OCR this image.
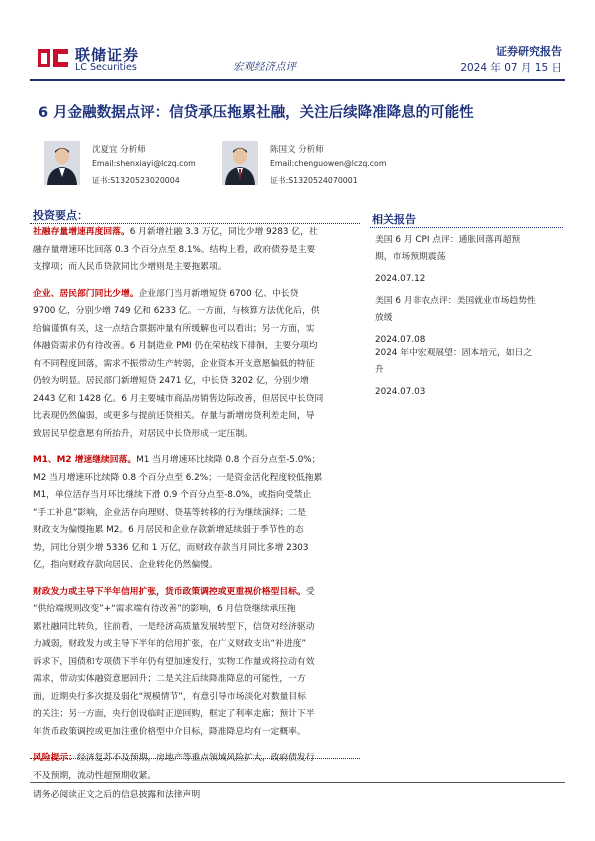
联储证券
LC Securities	宏观经济点评
证券研究报告
2024 年 07 月 15 日
6 月金融数据点评：信贷承压拖累社融，关注后续降准降息的可能性
沈夏宜 分析师
Email:shenxiayi@lczq.com
证书:S1320523020004
陈国文 分析师
Email:chenguowen@lczq.com
证书:S1320524070001
投资要点：
社融存量增速再度回落。6 月新增社融 3.3 万亿，同比少增 9283 亿，社
融存量增速环比回落 0.3 个百分点至 8.1%。结构上看，政府债券是主要
支撑项；而人民币贷款同比少增则是主要拖累项。
企业、居民部门同比少增。企业部门当月新增短贷 6700 亿、中长贷
9700 亿，分别少增 749 亿和 6233 亿。一方面，与核算方法优化后，供
给偏谨慎有关，这一点结合票据冲量有所缓解也可以看出；另一方面，实
体融资需求仍有待改善。6 月制造业 PMI 仍在荣枯线下徘徊，主要分项均
有不同程度回落，需求不振带动生产转弱，企业资本开支意愿偏低的特征
仍较为明显。居民部门新增短贷 2471 亿，中长贷 3202 亿，分别少增
2443 亿和 1428 亿。6 月主要城市商品房销售边际改善，但居民中长贷同
比表现仍然偏弱，或更多与提前还贷相关。存量与新增房贷利差走间，导
致居民早偿意愿有所抬升，对居民中长贷形成一定压制。
M1、M2 增速继续回落。M1 当月增速环比续降 0.8 个百分点至-5.0%；
M2 当月增速环比续降 0.8 个百分点至 6.2%；一是资金活化程度较低拖累
M1，单位活存当月环比继续下滑 0.9 个百分点至-8.0%，或指向受禁止
“手工补息”影响，企业活存向理财、贷基等转移的行为继续演绎；二是
财政支为偏慢拖累 M2。6 月居民和企业存款新增延续弱于季节性的态
势，同比分别少增 5336 亿和 1 万亿，而财政存款当月同比多增 2303
亿，指向财政存款向居民、企业转化仍然偏慢。
财政发力或主导下半年信用扩张，货币政策调控或更重视价格型目标。受
“供给端规则改变”+“需求端有待改善”的影响，6 月信贷继续承压拖
累社融同比转负，往前看，一是经济高质量发展转型下，信贷对经济驱动
力减弱，财政发力或主导下半年的信用扩张，在广义财政支出“补进度”
诉求下，国债和专项债下半年仍有望加速发行，实物工作量或将拉动有效
需求，带动实体融资意愿回升；二是关注后续降准降息的可能性，一方
面，近期央行多次提及弱化“规模情节”，有意引导市场淡化对数量目标
的关注；另一方面，央行创设临时正逆回购，框定了利率走廊；预计下半
年货币政策调控或更加注重价格型中介目标，降准降息均有一定概率。
风险提示：经济复苏不及预期，房地产等重点领域风险扩大，政府债发行
不及预期，流动性超预期收紧。
相关报告
美国 6 月 CPI 点评：通胀回落再超预
期，市场预期震荡
2024.07.12
美国 6 月非农点评：美国就业市场趋势性
放缓
2024.07.08
2024 年中宏观展望：固本培元，如日之
升
2024.07.03
请务必阅读正文之后的信息披露和法律声明
